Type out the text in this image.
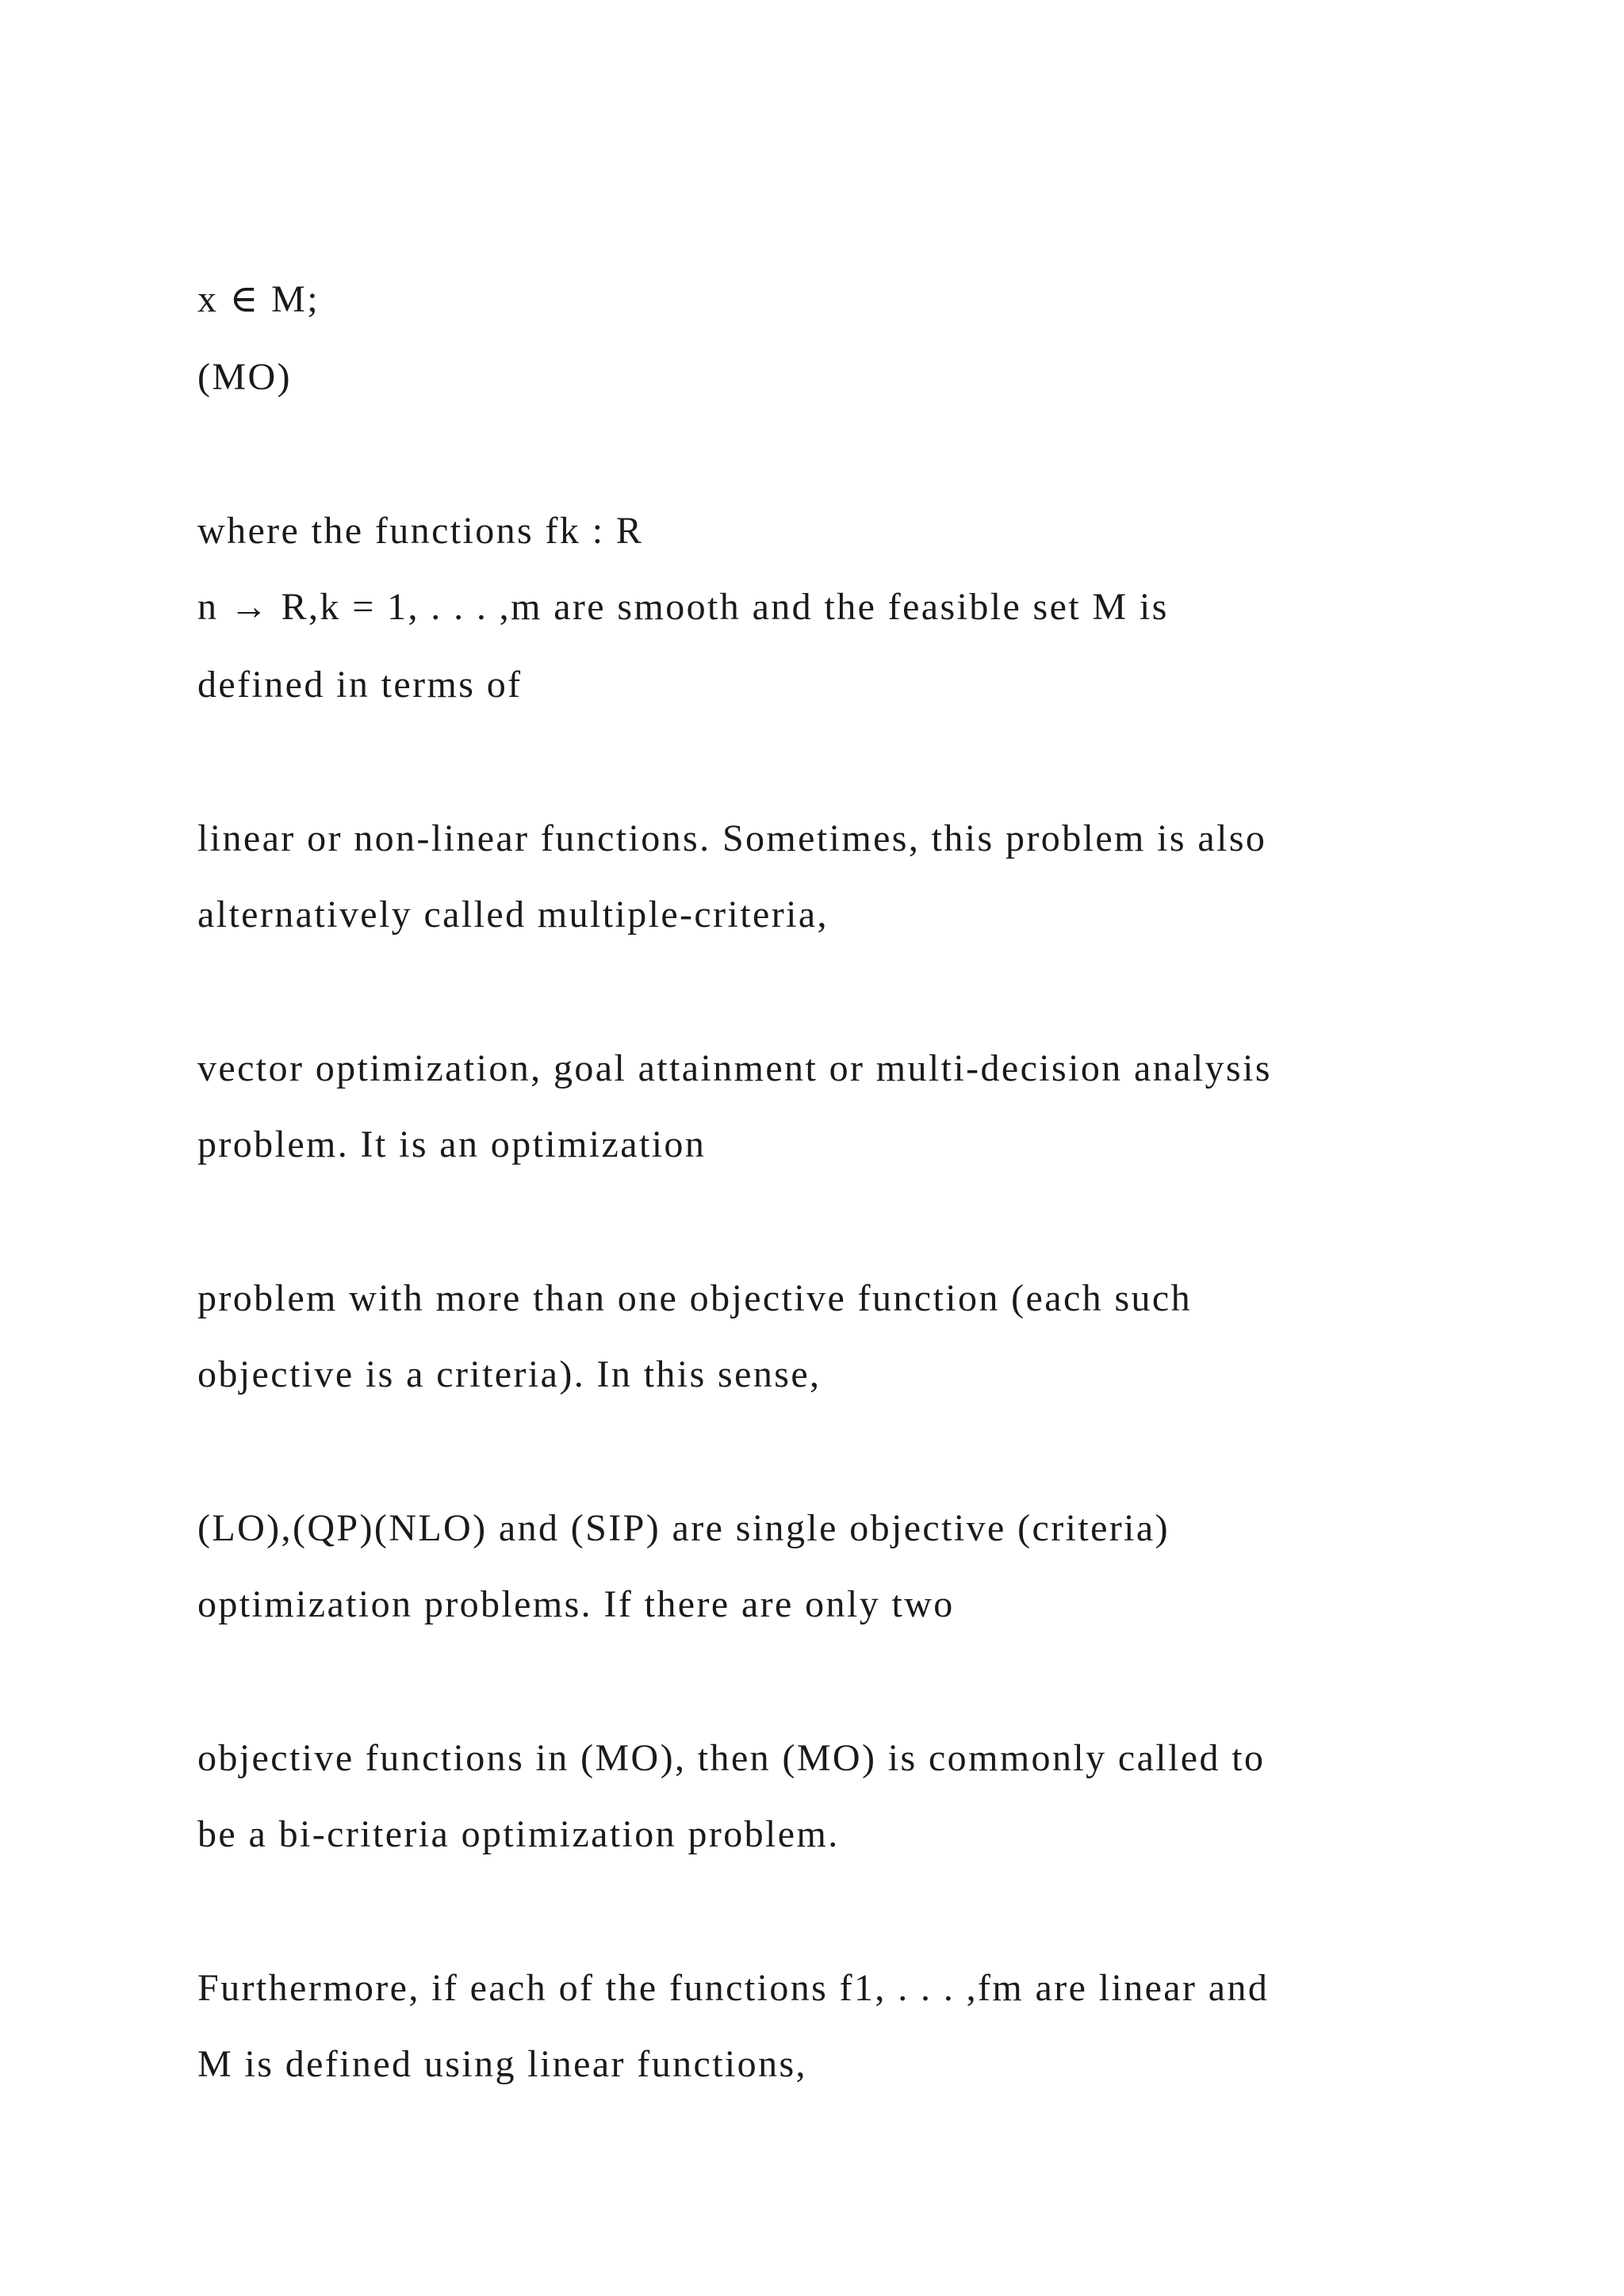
x ∈ M;

(MO)

where the functions fk : R

n → R,k = 1, . . . ,m are smooth and the feasible set M is

defined in terms of

linear or non-linear functions. Sometimes, this problem is also

alternatively called multiple-criteria,

vector optimization, goal attainment or multi-decision analysis

problem. It is an optimization

problem with more than one objective function (each such

objective is a criteria). In this sense,

(LO),(QP)(NLO) and (SIP) are single objective (criteria)

optimization problems. If there are only two

objective functions in (MO), then (MO) is commonly called to

be a bi-criteria optimization problem.

Furthermore, if each of the functions f1, . . . ,fm are linear and

M is defined using linear functions,
